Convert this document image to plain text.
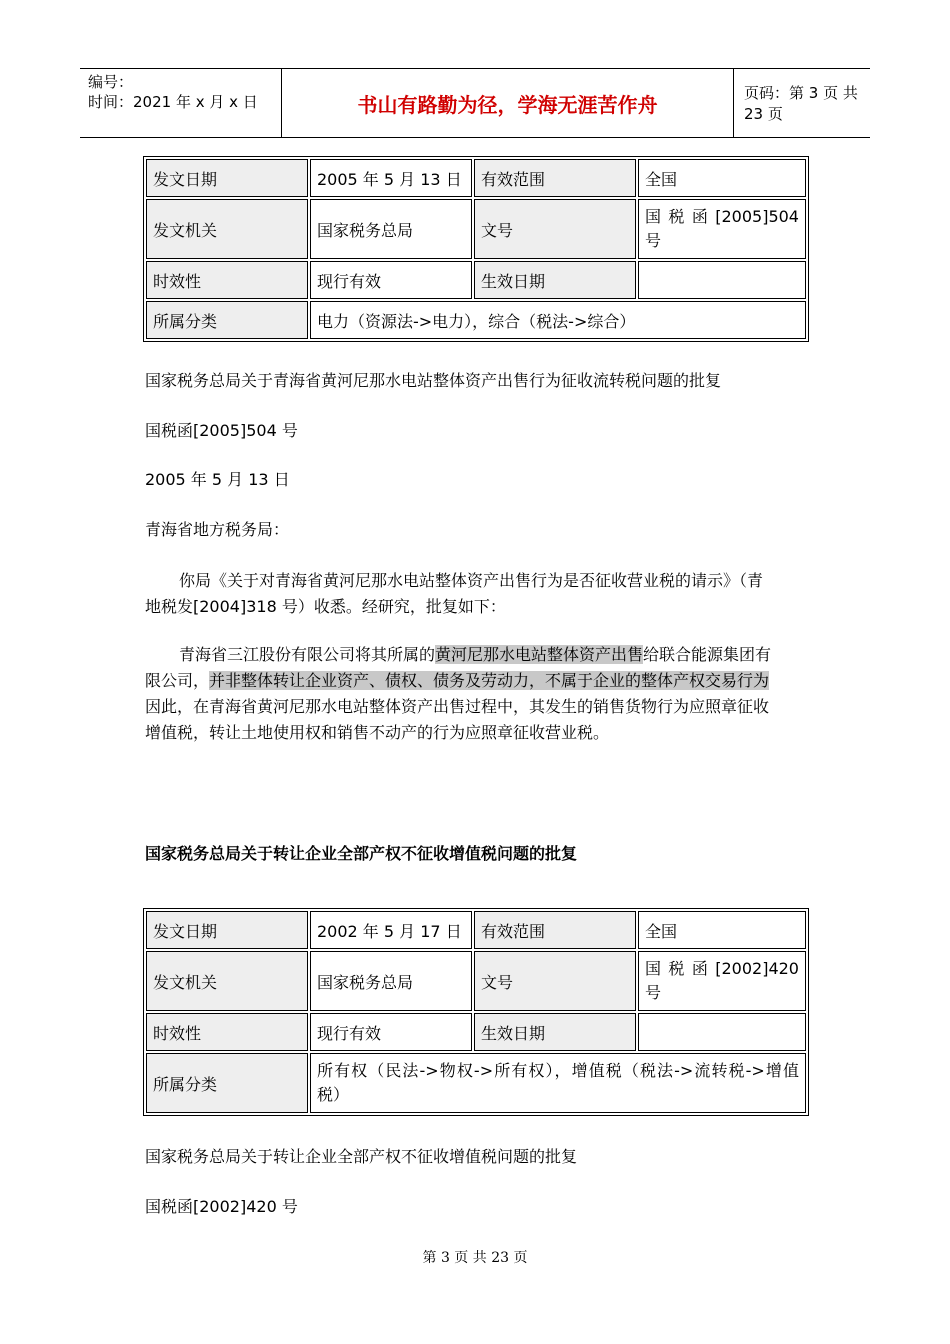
编号：
时间：2021 年 x 月 x 日	书山有路勤为径，学海无涯苦作舟	页码：第 3 页 共 23 页
发文日期	2005 年 5 月 13 日	有效范围	全国
发文机关	国家税务总局	文号	国 税 函 [2005]504
号

时效性	现行有效	生效日期	
所属分类	电力（资源法->电力），综合（税法->综合）		
国家税务总局关于青海省黄河尼那水电站整体资产出售行为征收流转税问题的批复
国税函[2005]504 号
2005 年 5 月 13 日
青海省地方税务局：
你局《关于对青海省黄河尼那水电站整体资产出售行为是否征收营业税的请示》（青
地税发[2004]318 号）收悉。经研究，批复如下：
青海省三江股份有限公司将其所属的黄河尼那水电站整体资产出售给联合能源集团有
限公司，并非整体转让企业资产、债权、债务及劳动力，不属于企业的整体产权交易行为
因此，在青海省黄河尼那水电站整体资产出售过程中，其发生的销售货物行为应照章征收
增值税，转让土地使用权和销售不动产的行为应照章征收营业税。
国家税务总局关于转让企业全部产权不征收增值税问题的批复
发文日期	2002 年 5 月 17 日	有效范围	全国
发文机关	国家税务总局	文号	国 税 函 [2002]420
号

时效性	现行有效	生效日期	
所属分类	所有权（民法->物权->所有权），增值税（税法->流转税->增值
税）		
国家税务总局关于转让企业全部产权不征收增值税问题的批复
国税函[2002]420 号
第 3 页 共 23 页
